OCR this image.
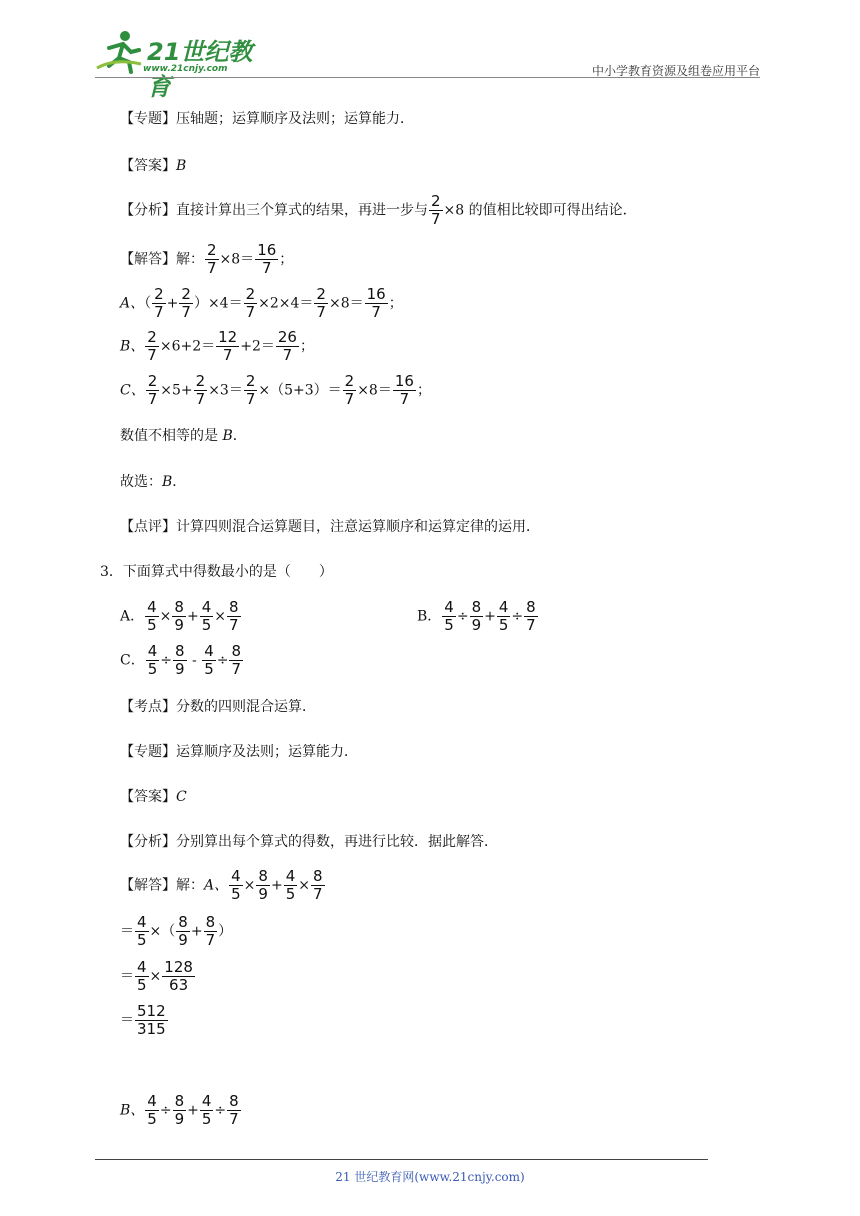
21世纪教育
www.21cnjy.com	中小学教育资源及组卷应用平台
【专题】压轴题；运算顺序及法则；运算能力．
【答案】B
【分析】直接计算出三个算式的结果，再进一步与 $\frac{2}{7} \times 8$ 的值相比较即可得出结论．
【解答】解： $\frac{2}{7} \times 8= \frac{16}{7}$ ；
A、（ $\frac{2}{7} + \frac{2}{7} )\times 4= \frac{2}{7} \times 2\times 4= \frac{2}{7} \times 8= \frac{16}{7}$ ；
B、 $\frac{2}{7} \times 6+2= \frac{12}{7} +2= \frac{26}{7}$ ；
C、 $\frac{2}{7} \times 5+ \frac{2}{7} \times 3= \frac{2}{7} \times(5+3)= \frac{2}{7} \times 8= \frac{16}{7}$ ；
数值不相等的是 B．
故选：B．
【点评】计算四则混合运算题目，注意运算顺序和运算定律的运用．
3．下面算式中得数最小的是（　　）
A． $\frac{4}{5} \times \frac{8}{9} + \frac{4}{5} \times \frac{8}{7}$	B． $\frac{4}{5} \div \frac{8}{9} + \frac{4}{5} \div \frac{8}{7}$
C． $\frac{4}{5} \div \frac{8}{9} - \frac{4}{5} \div \frac{8}{7}$
【考点】分数的四则混合运算．
【专题】运算顺序及法则；运算能力．
【答案】C
【分析】分别算出每个算式的得数，再进行比较．据此解答．
【解答】解：A、 $\frac{4}{5} \times \frac{8}{9} + \frac{4}{5} \times \frac{8}{7}$
＝ $\frac{4}{5}$ ×（ $\frac{8}{9} + \frac{8}{7}$ ）
＝ $\frac{4}{5} \times \frac{128}{63}$
＝ $\frac{512}{315}$
B、 $\frac{4}{5} \div \frac{8}{9} + \frac{4}{5} \div \frac{8}{7}$
21 世纪教育网(www.21cnjy.com)
